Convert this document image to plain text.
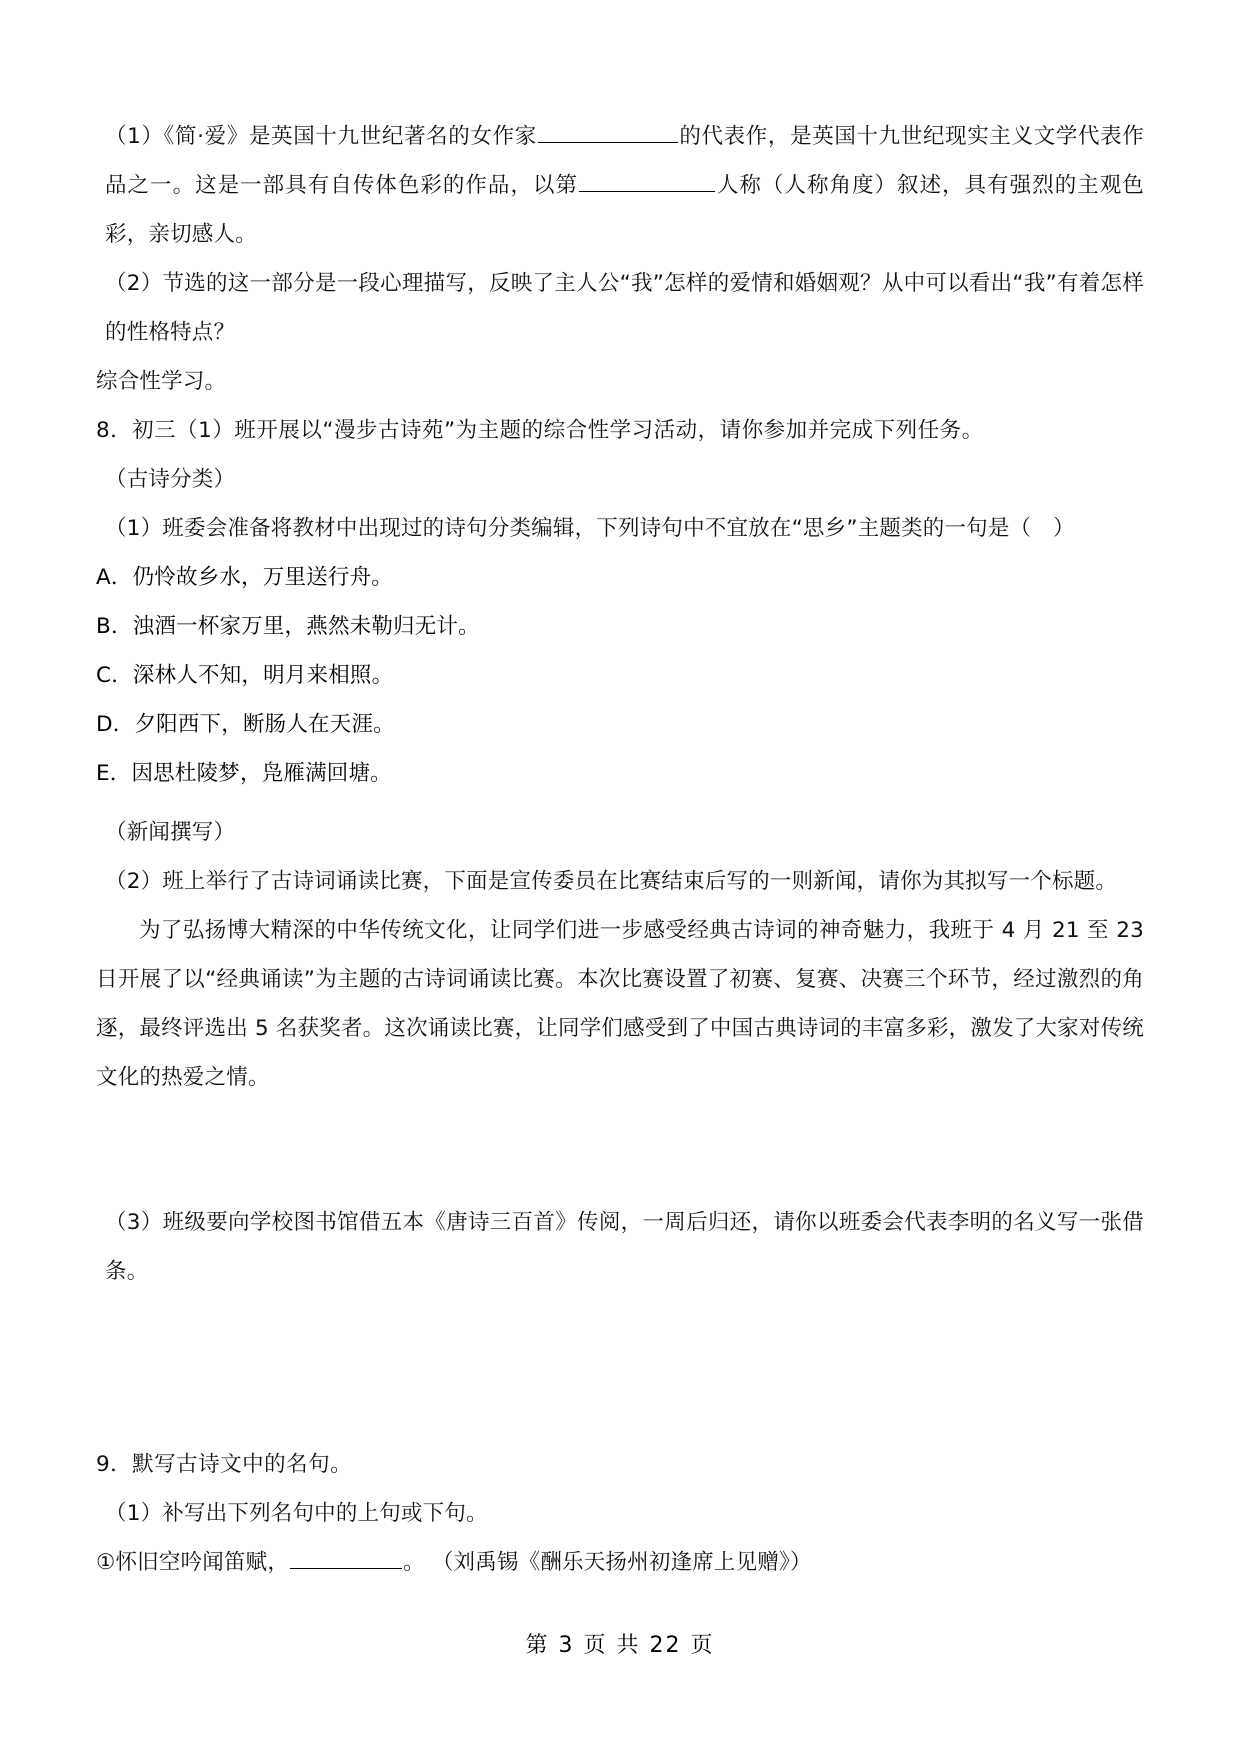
（1）《简·爱》是英国十九世纪著名的女作家	的代表作，是英国十九世纪现实主义文学代表作品之一。这是一部具有自传体色彩的作品，以第	人称（人称角度）叙述，具有强烈的主观色彩，亲切感人。

（2）节选的这一部分是一段心理描写，反映了主人公“我”怎样的爱情和婚姻观？从中可以看出“我”有着怎样的性格特点？

综合性学习。

8．初三（1）班开展以“漫步古诗苑”为主题的综合性学习活动，请你参加并完成下列任务。

（古诗分类）

（1）班委会准备将教材中出现过的诗句分类编辑，下列诗句中不宜放在“思乡”主题类的一句是（　）

A．仍怜故乡水，万里送行舟。

B．浊酒一杯家万里，燕然未勒归无计。

C．深林人不知，明月来相照。

D．夕阳西下，断肠人在天涯。

E．因思杜陵梦，凫雁满回塘。

（新闻撰写）

（2）班上举行了古诗词诵读比赛，下面是宣传委员在比赛结束后写的一则新闻，请你为其拟写一个标题。

为了弘扬博大精深的中华传统文化，让同学们进一步感受经典古诗词的神奇魅力，我班于 4 月 21 至 23 日开展了以“经典诵读”为主题的古诗词诵读比赛。本次比赛设置了初赛、复赛、决赛三个环节，经过激烈的角逐，最终评选出 5 名获奖者。这次诵读比赛，让同学们感受到了中国古典诗词的丰富多彩，激发了大家对传统文化的热爱之情。

（3）班级要向学校图书馆借五本《唐诗三百首》传阅，一周后归还，请你以班委会代表李明的名义写一张借条。

9．默写古诗文中的名句。

（1）补写出下列名句中的上句或下句。

①怀旧空吟闻笛赋，	。 （刘禹锡《酬乐天扬州初逢席上见赠》）

第 3 页 共 22 页
